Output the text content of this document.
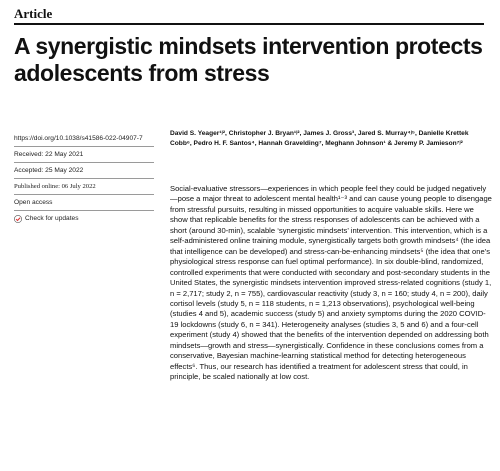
Article
A synergistic mindsets intervention protects adolescents from stress
https://doi.org/10.1038/s41586-022-04907-7
Received: 22 May 2021
Accepted: 25 May 2022
Published online: 06 July 2022
Open access
Check for updates

David S. Yeager¹ʲ², Christopher J. Bryan¹ʲ², James J. Gross³, Jared S. Murray⁴ʲ⁵, Danielle Krettek Cobb⁶, Pedro H. F. Santos⁴, Hannah Gravelding⁷, Meghann Johnson¹ & Jeremy P. Jamieson⁷ʲ²

Social-evaluative stressors—experiences in which people feel they could be judged negatively—pose a major threat to adolescent mental health¹⁻³ and can cause young people to disengage from stressful pursuits, resulting in missed opportunities to acquire valuable skills. Here we show that replicable benefits for the stress responses of adolescents can be achieved with a short (around 30-min), scalable ‘synergistic mindsets’ intervention. This intervention, which is a self-administered online training module, synergistically targets both growth mindsets⁴ (the idea that intelligence can be developed) and stress-can-be-enhancing mindsets⁵ (the idea that one’s physiological stress response can fuel optimal performance). In six double-blind, randomized, controlled experiments that were conducted with secondary and post-secondary students in the United States, the synergistic mindsets intervention improved stress-related cognitions (study 1, n = 2,717; study 2, n = 755), cardiovascular reactivity (study 3, n = 160; study 4, n = 200), daily cortisol levels (study 5, n = 118 students, n = 1,213 observations), psychological well-being (studies 4 and 5), academic success (study 5) and anxiety symptoms during the 2020 COVID-19 lockdowns (study 6, n = 341). Heterogeneity analyses (studies 3, 5 and 6) and a four-cell experiment (study 4) showed that the benefits of the intervention depended on addressing both mindsets—growth and stress—synergistically. Confidence in these conclusions comes from a conservative, Bayesian machine-learning statistical method for detecting heterogeneous effects⁶. Thus, our research has identified a treatment for adolescent stress that could, in principle, be scaled nationally at low cost.
